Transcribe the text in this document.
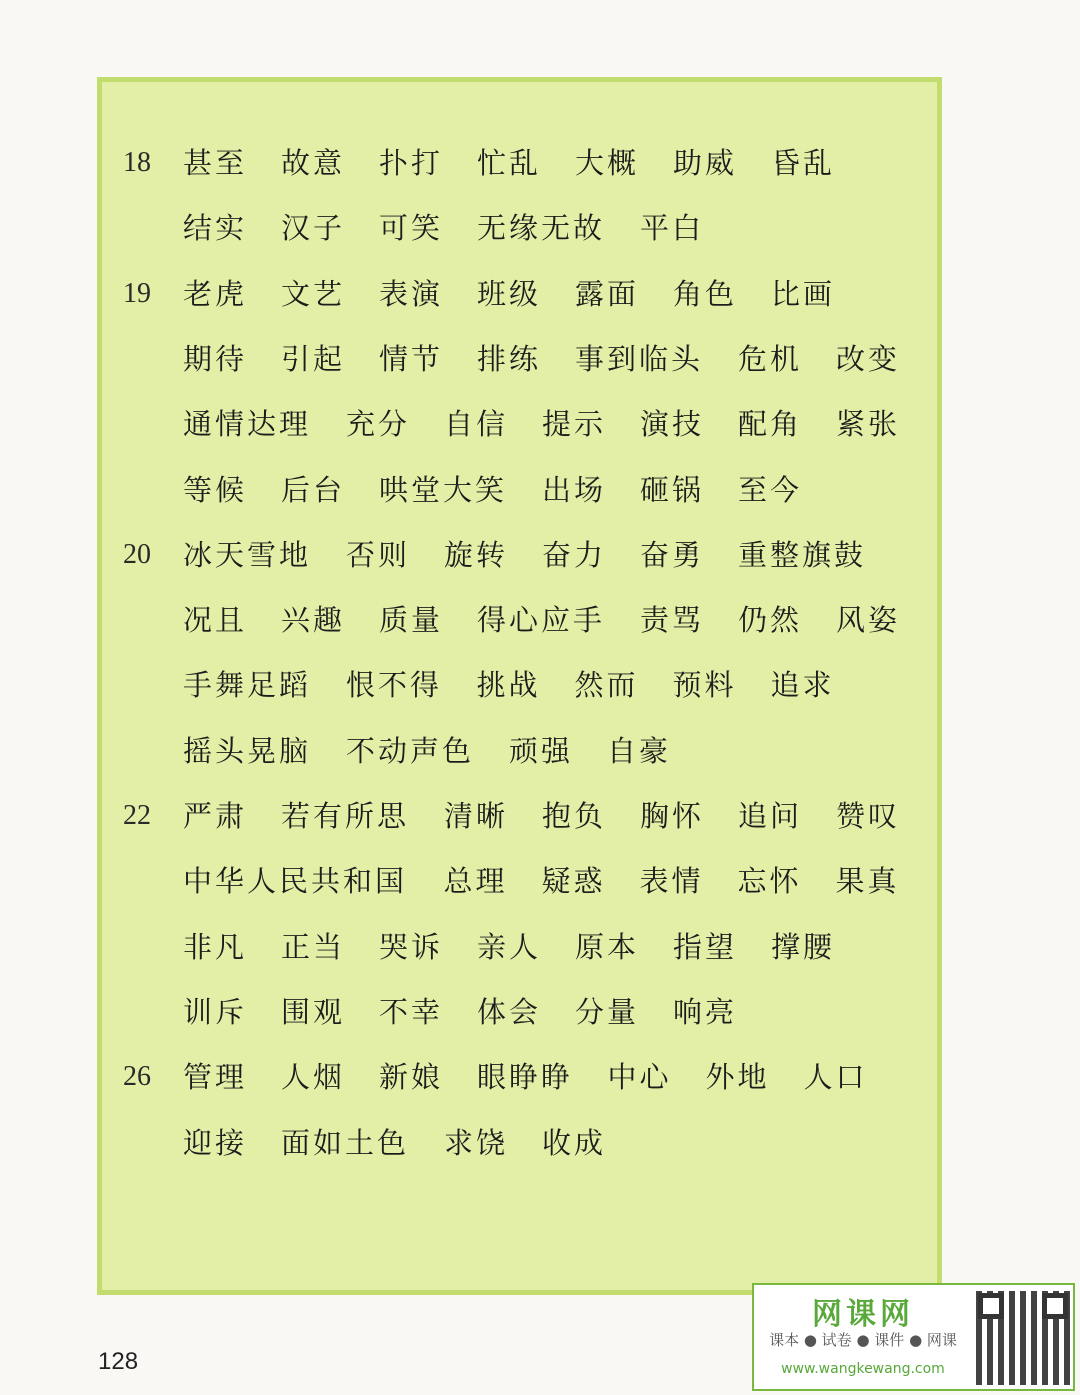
18 甚至 故意 扑打 忙乱 大概 助威 昏乱
结实 汉子 可笑 无缘无故 平白
19 老虎 文艺 表演 班级 露面 角色 比画
期待 引起 情节 排练 事到临头 危机 改变
通情达理 充分 自信 提示 演技 配角 紧张
等候 后台 哄堂大笑 出场 砸锅 至今
20 冰天雪地 否则 旋转 奋力 奋勇 重整旗鼓
况且 兴趣 质量 得心应手 责骂 仍然 风姿
手舞足蹈 恨不得 挑战 然而 预料 追求
摇头晃脑 不动声色 顽强 自豪
22 严肃 若有所思 清晰 抱负 胸怀 追问 赞叹
中华人民共和国 总理 疑惑 表情 忘怀 果真
非凡 正当 哭诉 亲人 原本 指望 撑腰
训斥 围观 不幸 体会 分量 响亮
26 管理 人烟 新娘 眼睁睁 中心 外地 人口
迎接 面如土色 求饶 收成
128
网课网
课本 ● 试卷 ● 课件 ● 网课
www.wangkewang.com
